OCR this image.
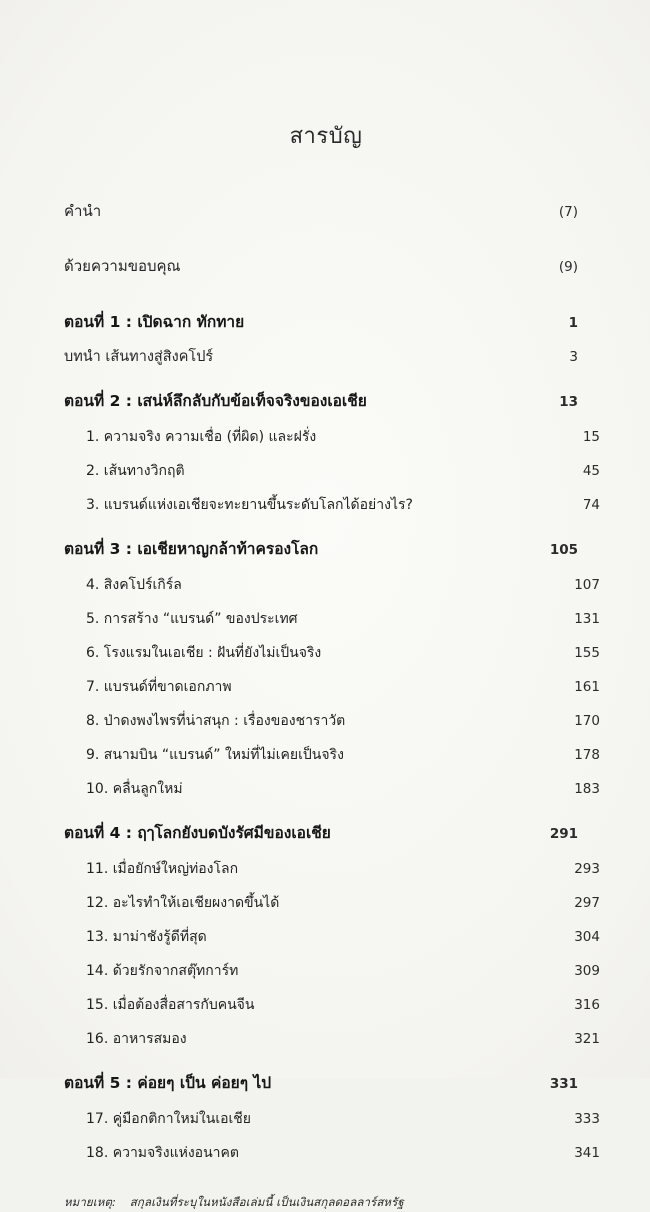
สารบัญ
คำนำ	(7)
ด้วยความขอบคุณ	(9)
ตอนที่ 1 : เปิดฉาก ทักทาย	1
บทนำ เส้นทางสู่สิงคโปร์	3
ตอนที่ 2 : เสน่ห์ลึกลับกับข้อเท็จจริงของเอเชีย	13
1. ความจริง ความเชื่อ (ที่ผิด) และฝรั่ง	15
2. เส้นทางวิกฤติ	45
3. แบรนด์แห่งเอเชียจะทะยานขึ้นระดับโลกได้อย่างไร?	74
ตอนที่ 3 : เอเชียหาญกล้าท้าครองโลก	105
4. สิงคโปร์เกิร์ล	107
5. การสร้าง “แบรนด์” ของประเทศ	131
6. โรงแรมในเอเชีย : ฝันที่ยังไม่เป็นจริง	155
7. แบรนด์ที่ขาดเอกภาพ	161
8. ป่าดงพงไพรที่น่าสนุก : เรื่องของชาราวัต	170
9. สนามบิน “แบรนด์” ใหม่ที่ไม่เคยเป็นจริง	178
10. คลื่นลูกใหม่	183
ตอนที่ 4 : ฤๅโลกยังบดบังรัศมีของเอเชีย	291
11. เมื่อยักษ์ใหญ่ท่องโลก	293
12. อะไรทำให้เอเชียผงาดขึ้นได้	297
13. มาม่าชังรู้ดีที่สุด	304
14. ด้วยรักจากสตุ๊ทการ์ท	309
15. เมื่อต้องสื่อสารกับคนจีน	316
16. อาหารสมอง	321
ตอนที่ 5 : ค่อยๆ เป็น ค่อยๆ ไป	331
17. คู่มือกติกาใหม่ในเอเชีย	333
18. ความจริงแห่งอนาคต	341
หมายเหตุ: สกุลเงินที่ระบุในหนังสือเล่มนี้ เป็นเงินสกุลดอลลาร์สหรัฐ
